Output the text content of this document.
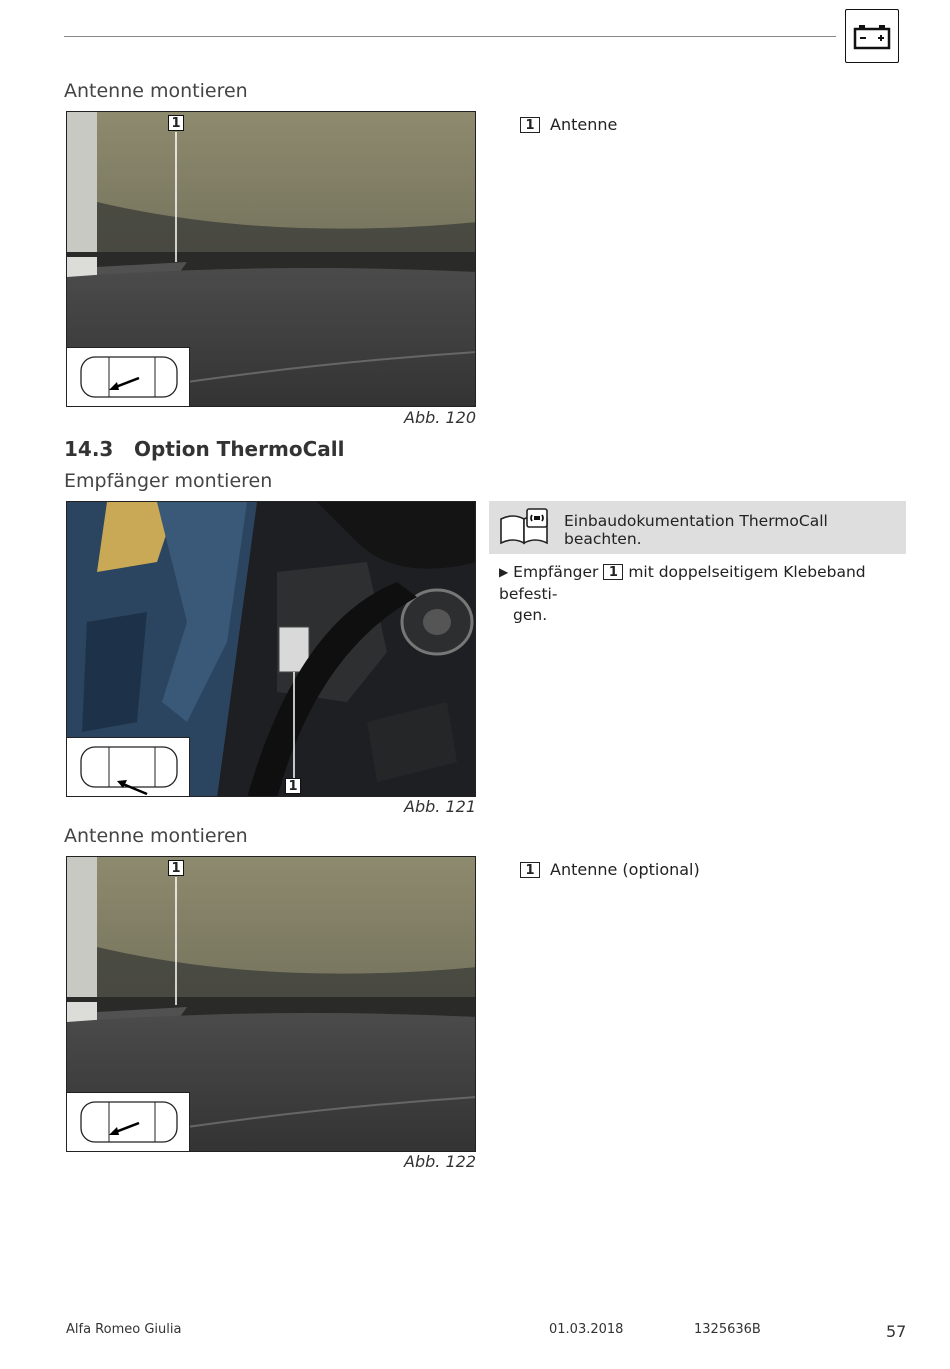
Antenne montieren
1
Abb. 120
1 Antenne
14.3 Option ThermoCall
Empfänger montieren
1
Abb. 121
Einbaudokumentation ThermoCall beachten.
▶ Empfänger 1 mit doppelseitigem Klebeband befesti-
gen.
Antenne montieren
1
Abb. 122
1 Antenne (optional)
Alfa Romeo Giulia	01.03.2018	1325636B	57
